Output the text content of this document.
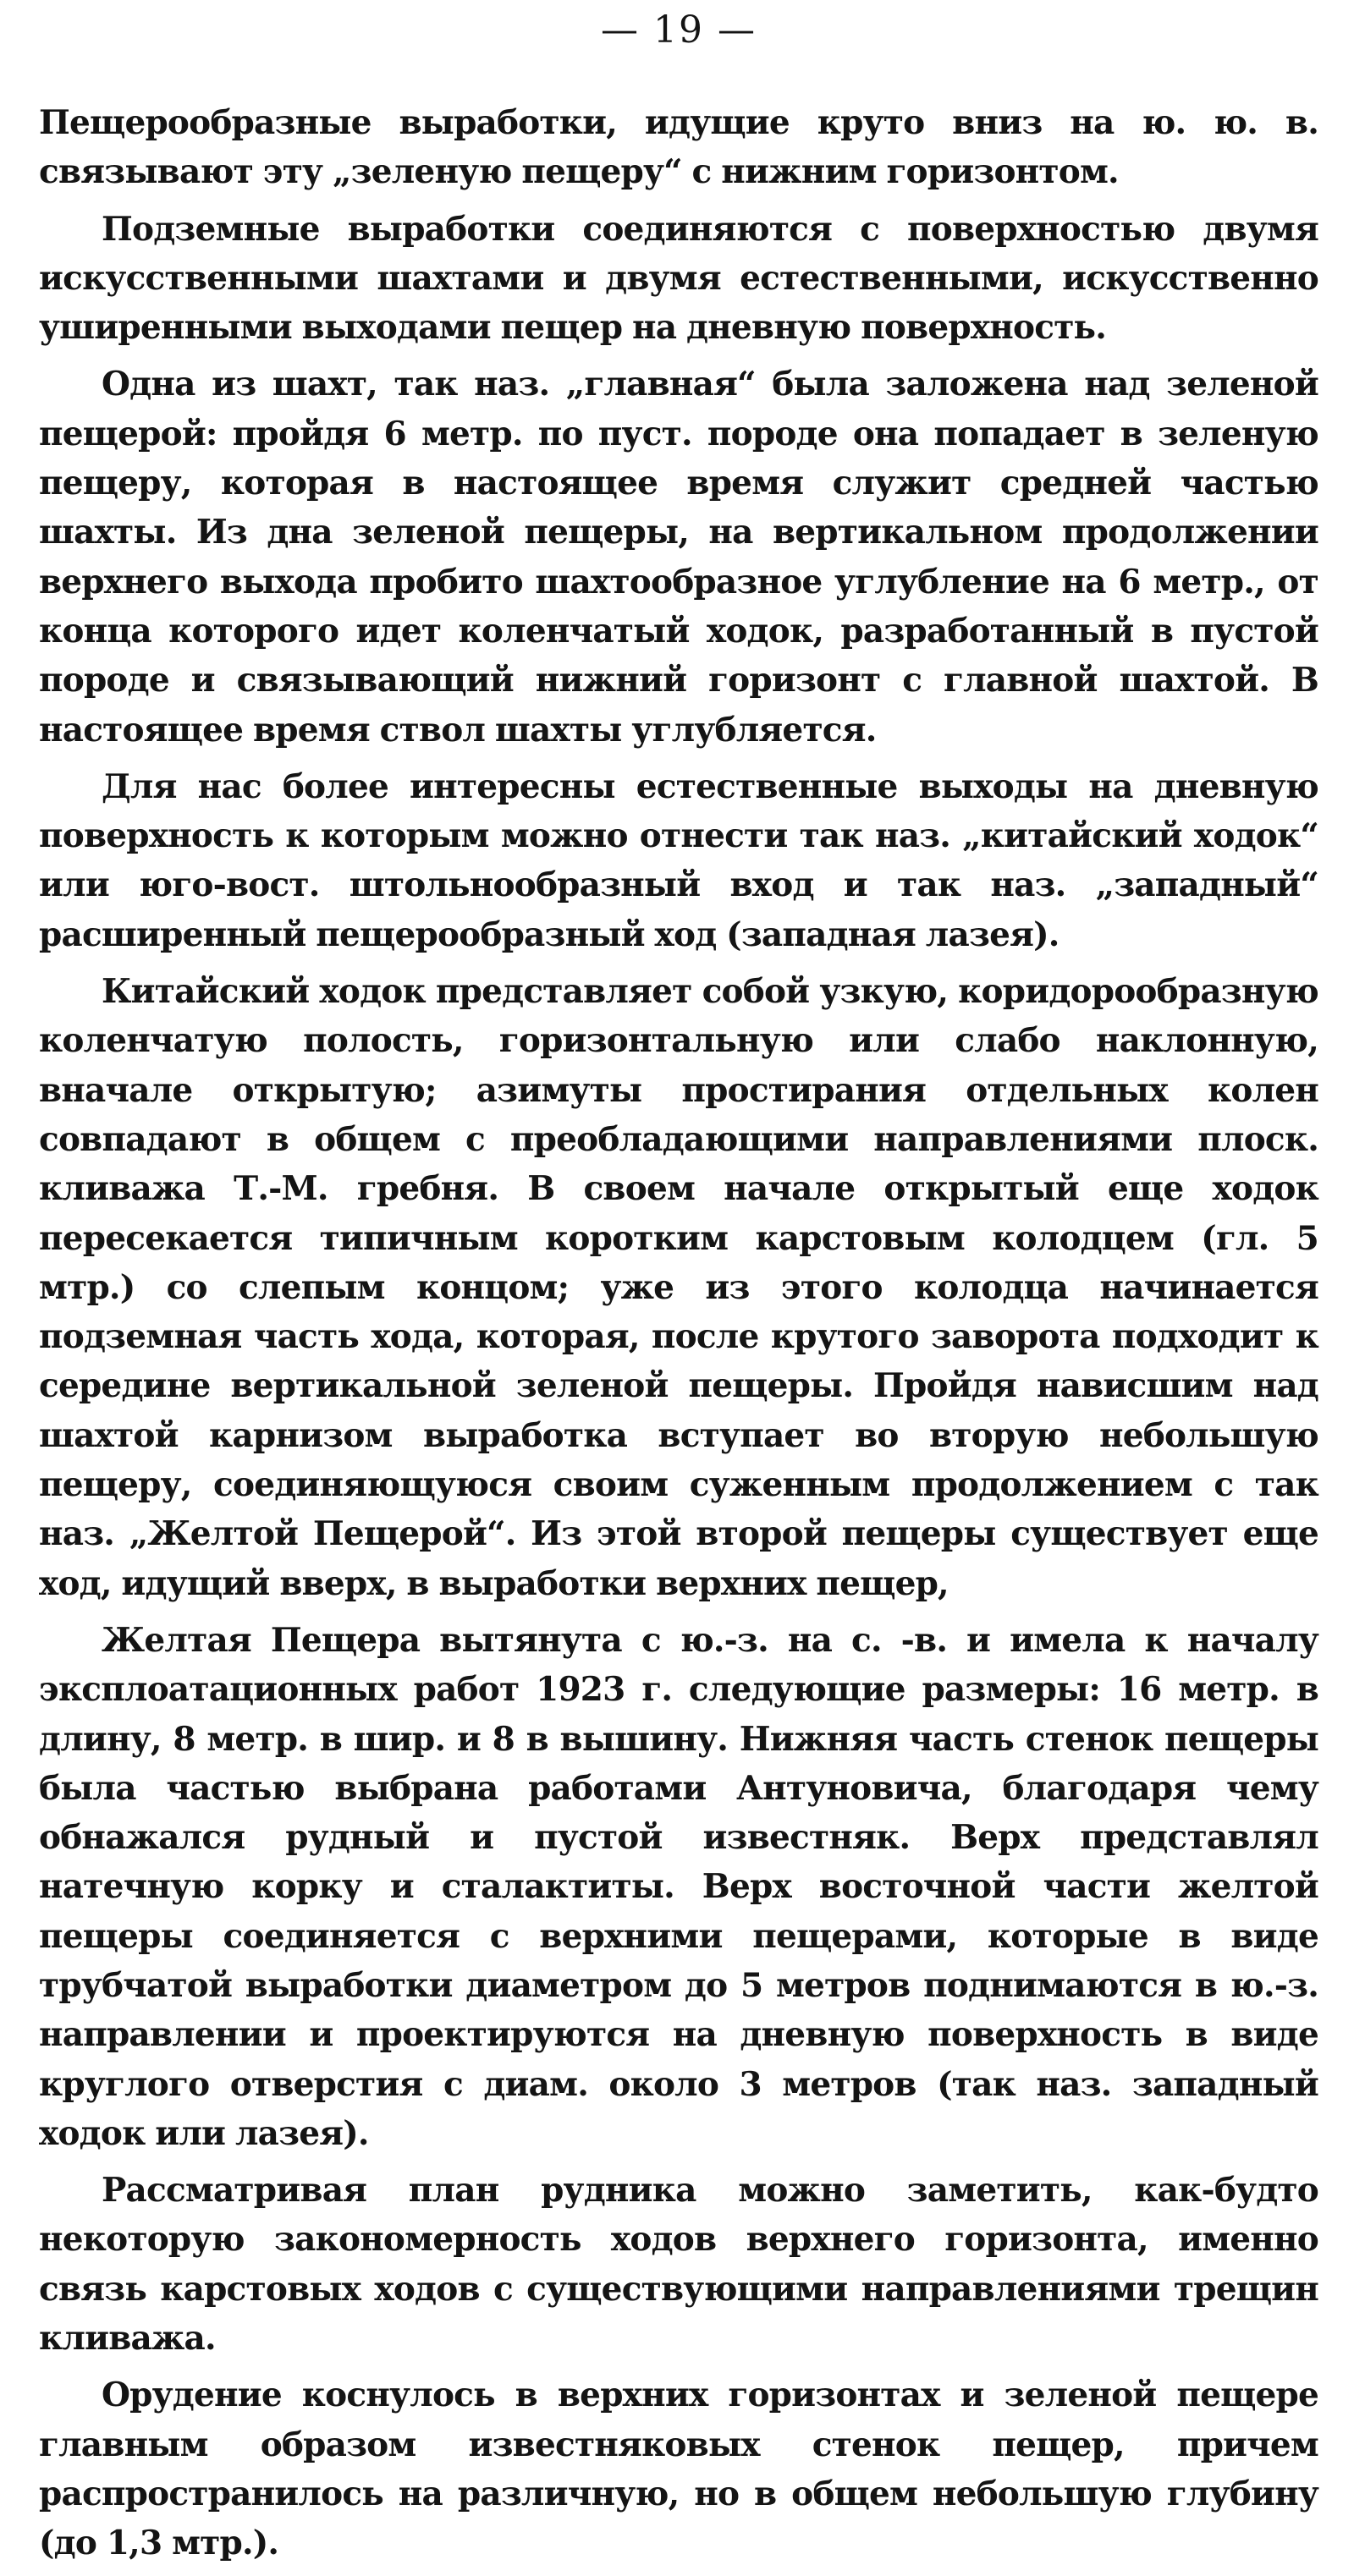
— 19 —

Пещерообразные выработки, идущие круто вниз на ю. ю. в. связывают эту „зеленую пещеру“ с нижним горизонтом.

Подземные выработки соединяются с поверхностью двумя искусственными шахтами и двумя естественными, искусственно уширенными выходами пещер на дневную поверхность.

Одна из шахт, так наз. „главная“ была заложена над зеленой пещерой: пройдя 6 метр. по пуст. породе она попадает в зеленую пещеру, которая в настоящее время служит средней частью шахты. Из дна зеленой пещеры, на вертикальном продолжении верхнего выхода пробито шахтообразное углубление на 6 метр., от конца которого идет коленчатый ходок, разработанный в пустой породе и связывающий нижний горизонт с главной шахтой. В настоящее время ствол шахты углубляется.

Для нас более интересны естественные выходы на дневную поверхность к которым можно отнести так наз. „китайский ходок“ или юго-вост. штольнообразный вход и так наз. „западный“ расширенный пещерообразный ход (западная лазея).

Китайский ходок представляет собой узкую, коридорообразную коленчатую полость, горизонтальную или слабо наклонную, вначале открытую; азимуты простирания отдельных колен совпадают в общем с преобладающими направлениями плоск. кливажа Т.-М. гребня. В своем начале открытый еще ходок пересекается типичным коротким карстовым колодцем (гл. 5 мтр.) со слепым концом; уже из этого колодца начинается подземная часть хода, которая, после крутого заворота подходит к середине вертикальной зеленой пещеры. Пройдя нависшим над шахтой карнизом выработка вступает во вторую небольшую пещеру, соединяющуюся своим суженным продолжением с так наз. „Желтой Пещерой“. Из этой второй пещеры существует еще ход, идущий вверх, в выработки верхних пещер,

Желтая Пещера вытянута с ю.-з. на с. -в. и имела к началу эксплоатационных работ 1923 г. следующие размеры: 16 метр. в длину, 8 метр. в шир. и 8 в вышину. Нижняя часть стенок пещеры была частью выбрана работами Антуновича, благодаря чему обнажался рудный и пустой известняк. Верх представлял натечную корку и сталактиты. Верх восточной части желтой пещеры соединяется с верхними пещерами, которые в виде трубчатой выработки диаметром до 5 метров поднимаются в ю.-з. направлении и проектируются на дневную поверхность в виде круглого отверстия с диам. около 3 метров (так наз. западный ходок или лазея).

Рассматривая план рудника можно заметить, как-будто некоторую закономерность ходов верхнего горизонта, именно связь карстовых ходов с существующими направлениями трещин кливажа.

Орудение коснулось в верхних горизонтах и зеленой пещере главным образом известняковых стенок пещер, причем распространилось на различную, но в общем небольшую глубину (до 1,3 мтр.).
